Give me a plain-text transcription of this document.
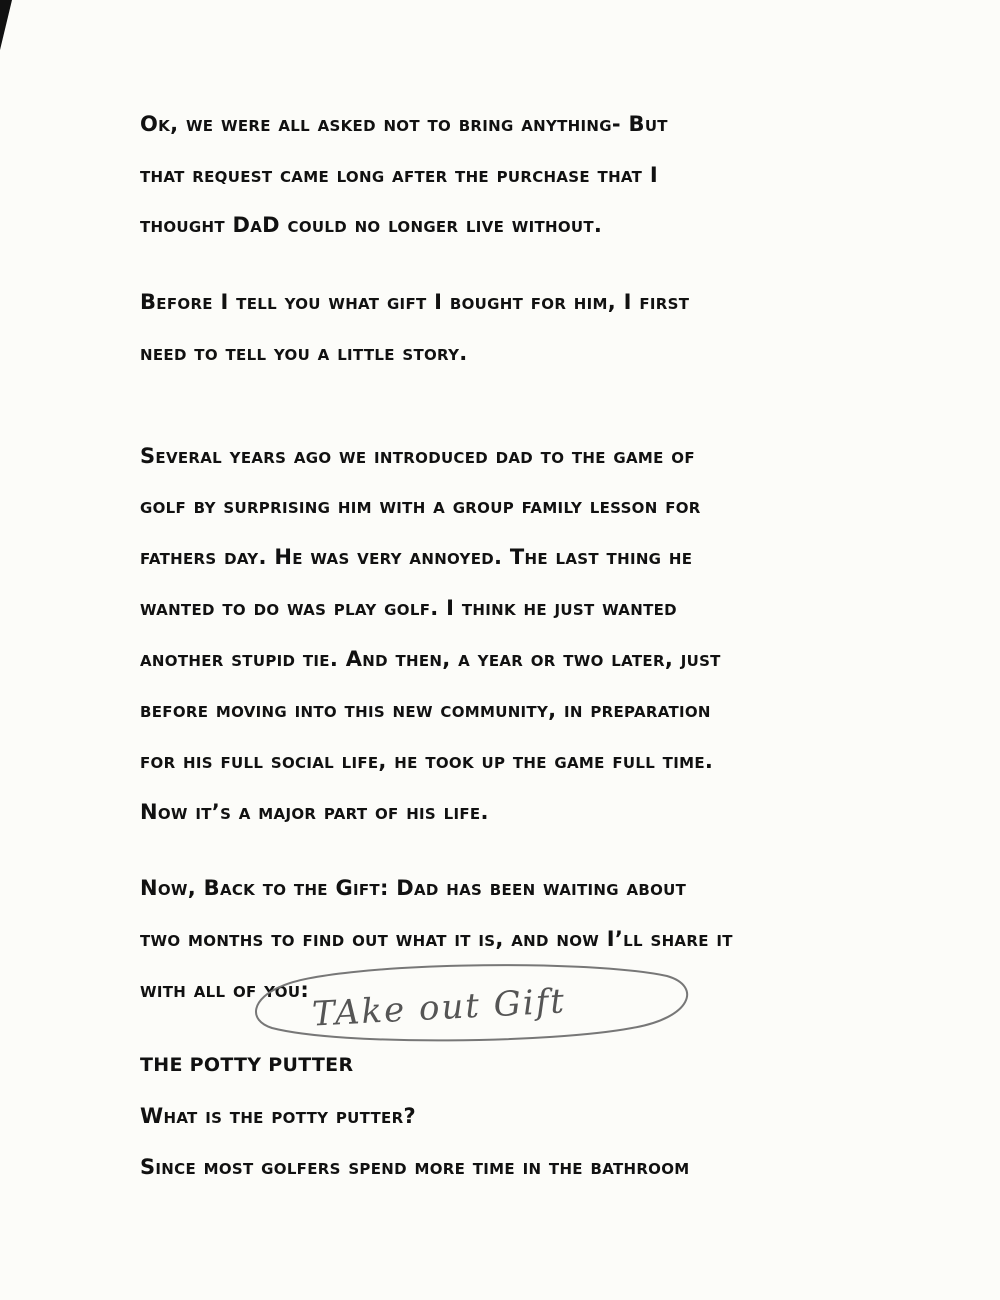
Ok, we were all asked not to bring anything- But
that request came long after the purchase that I
thought DaD could no longer live without.
Before I tell you what gift I bought for him, I first
need to tell you a little story.
Several years ago we introduced dad to the game of
golf by surprising him with a group family lesson for
fathers day. He was very annoyed. The last thing he
wanted to do was play golf. I think he just wanted
another stupid tie. And then, a year or two later, just
before moving into this new community, in preparation
for his full social life, he took up the game full time.
Now it’s a major part of his life.
Now, Back to the Gift: Dad has been waiting about
two months to find out what it is, and now I’ll share it
with all of you:
THE POTTY PUTTER
What is the potty putter?
Since most golfers spend more time in the bathroom
TAke out Gift
